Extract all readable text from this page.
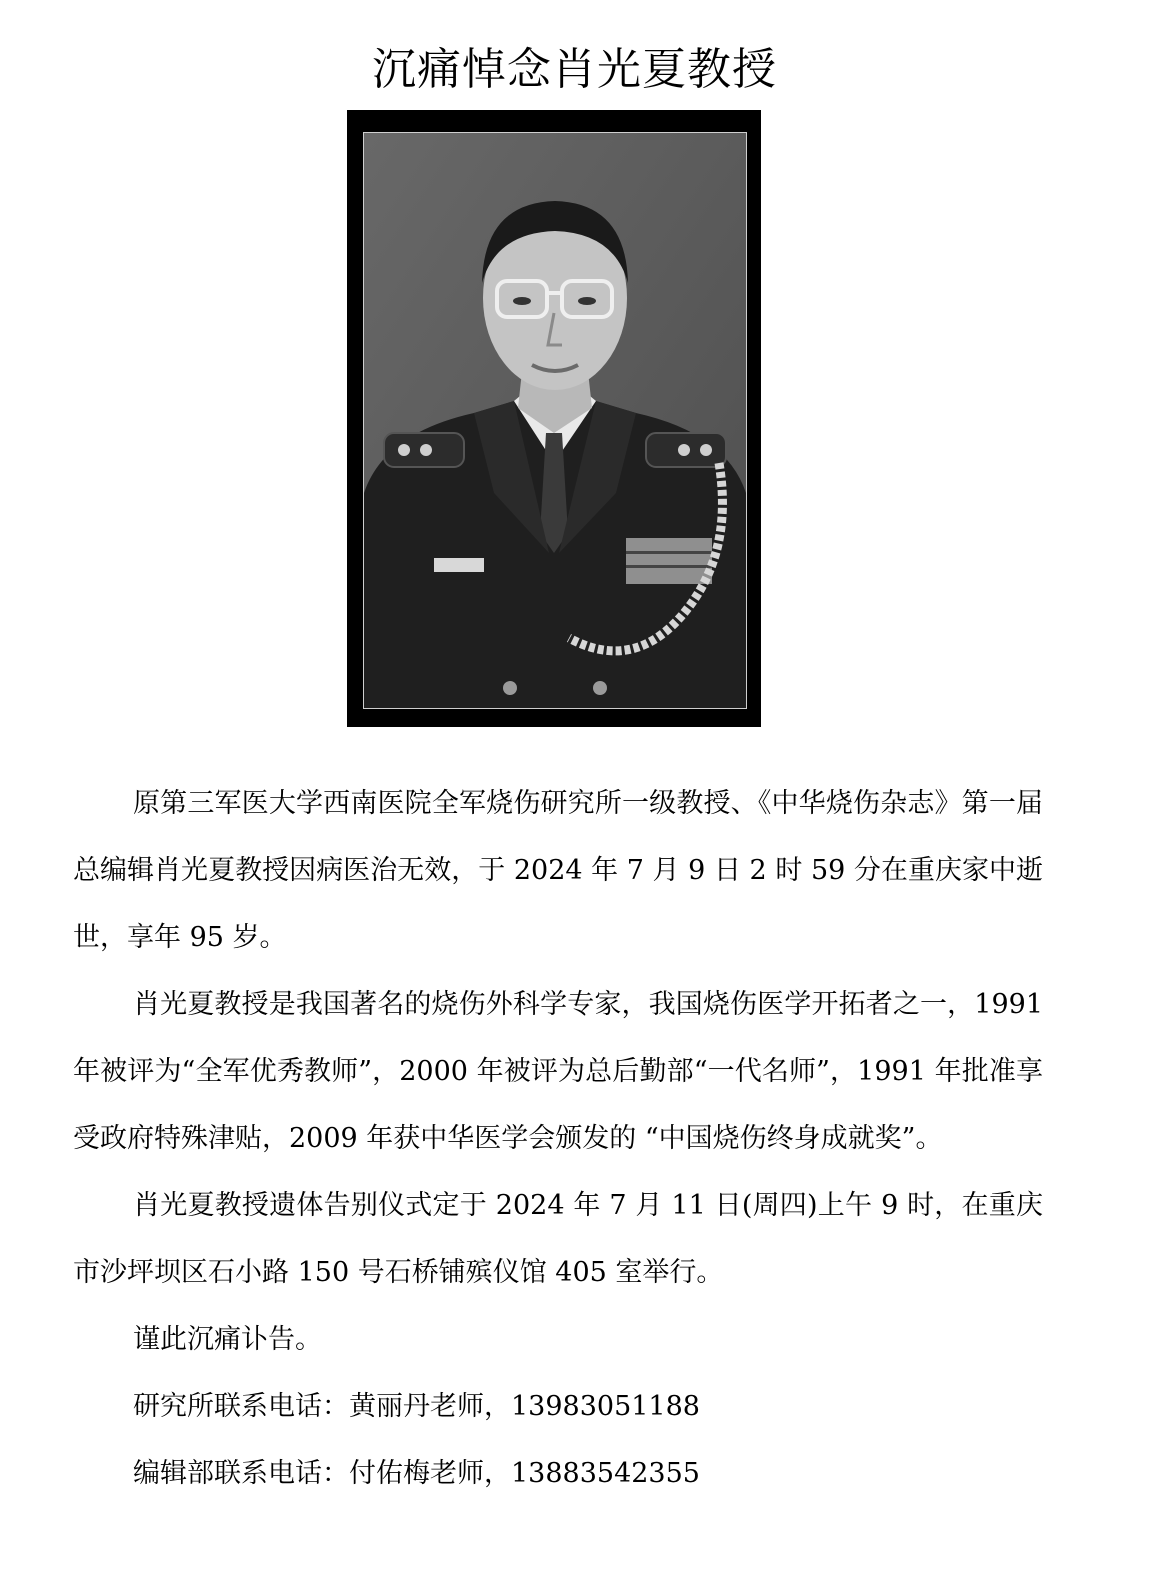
沉痛悼念肖光夏教授

原第三军医大学西南医院全军烧伤研究所一级教授、《中华烧伤杂志》第一届总编辑肖光夏教授因病医治无效，于 2024 年 7 月 9 日 2 时 59 分在重庆家中逝世，享年 95 岁。

肖光夏教授是我国著名的烧伤外科学专家，我国烧伤医学开拓者之一，1991 年被评为“全军优秀教师”，2000 年被评为总后勤部“一代名师”，1991 年批准享受政府特殊津贴，2009 年获中华医学会颁发的 “中国烧伤终身成就奖”。

肖光夏教授遗体告别仪式定于 2024 年 7 月 11 日(周四)上午 9 时，在重庆市沙坪坝区石小路 150 号石桥铺殡仪馆 405 室举行。

谨此沉痛讣告。

研究所联系电话：黄丽丹老师，13983051188

编辑部联系电话：付佑梅老师，13883542355
